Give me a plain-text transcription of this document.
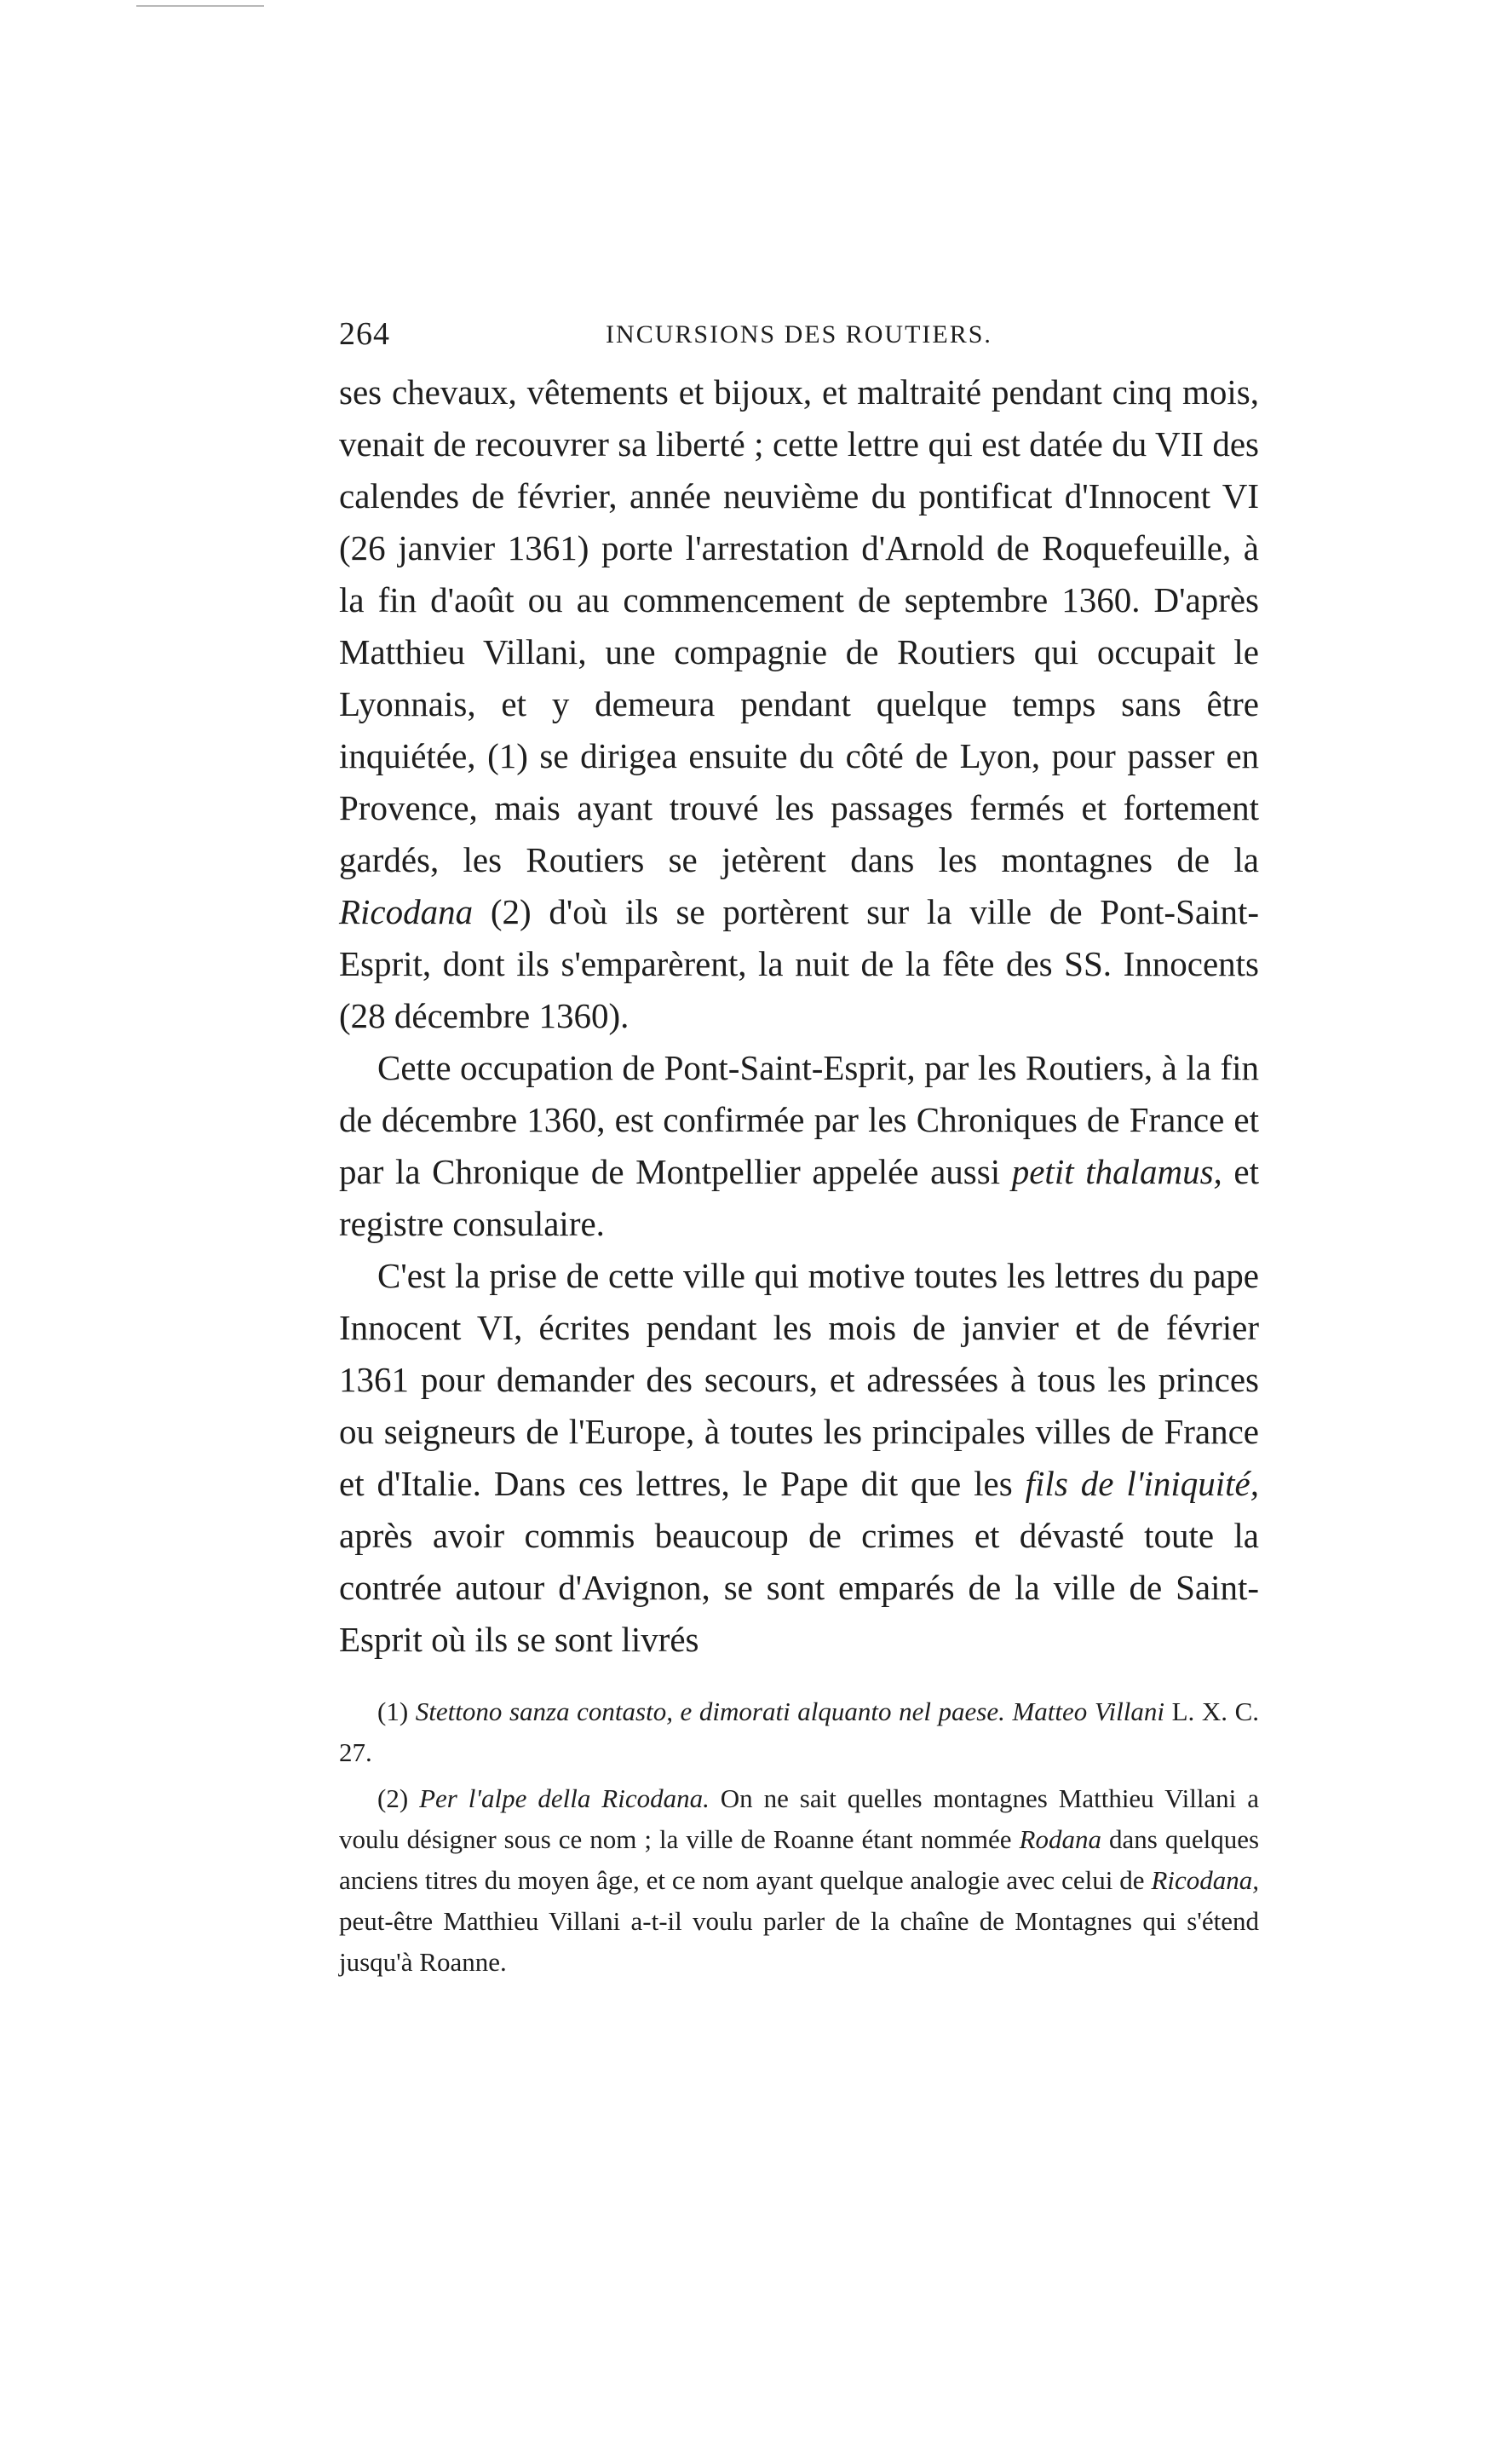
264	INCURSIONS DES ROUTIERS.

ses chevaux, vêtements et bijoux, et maltraité pendant cinq mois, venait de recouvrer sa liberté ; cette lettre qui est datée du VII des calendes de février, année neuvième du pontificat d'Innocent VI (26 janvier 1361) porte l'arrestation d'Arnold de Roquefeuille, à la fin d'août ou au commencement de septembre 1360. D'après Matthieu Villani, une compagnie de Routiers qui occupait le Lyonnais, et y demeura pendant quelque temps sans être inquiétée, (1) se dirigea ensuite du côté de Lyon, pour passer en Provence, mais ayant trouvé les passages fermés et fortement gardés, les Routiers se jetèrent dans les montagnes de la Ricodana (2) d'où ils se portèrent sur la ville de Pont-Saint-Esprit, dont ils s'emparèrent, la nuit de la fête des SS. Innocents (28 décembre 1360).

Cette occupation de Pont-Saint-Esprit, par les Routiers, à la fin de décembre 1360, est confirmée par les Chroniques de France et par la Chronique de Montpellier appelée aussi petit thalamus, et registre consulaire.

C'est la prise de cette ville qui motive toutes les lettres du pape Innocent VI, écrites pendant les mois de janvier et de février 1361 pour demander des secours, et adressées à tous les princes ou seigneurs de l'Europe, à toutes les principales villes de France et d'Italie. Dans ces lettres, le Pape dit que les fils de l'iniquité, après avoir commis beaucoup de crimes et dévasté toute la contrée autour d'Avignon, se sont emparés de la ville de Saint-Esprit où ils se sont livrés

(1) Stettono sanza contasto, e dimorati alquanto nel paese. Matteo Villani L. X. C. 27.

(2) Per l'alpe della Ricodana. On ne sait quelles montagnes Matthieu Villani a voulu désigner sous ce nom ; la ville de Roanne étant nommée Rodana dans quelques anciens titres du moyen âge, et ce nom ayant quelque analogie avec celui de Ricodana, peut-être Matthieu Villani a-t-il voulu parler de la chaîne de Montagnes qui s'étend jusqu'à Roanne.
